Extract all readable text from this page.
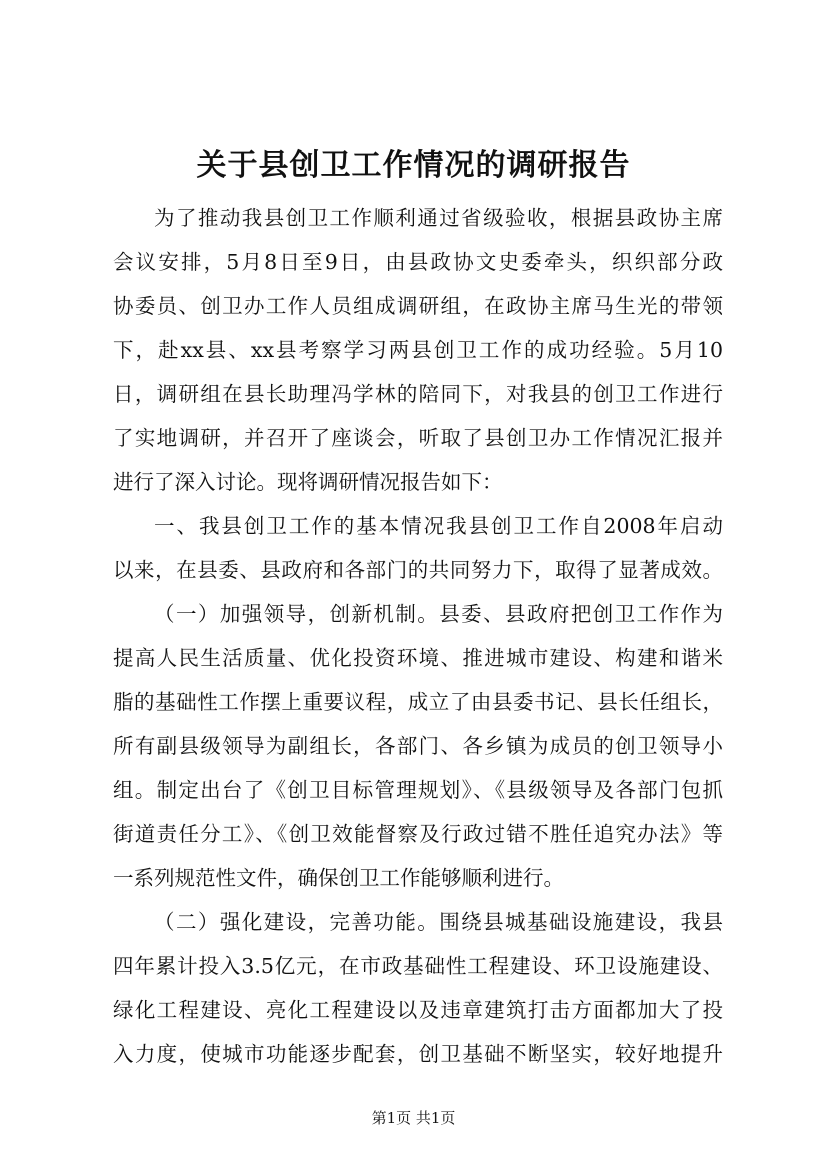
关于县创卫工作情况的调研报告
为了推动我县创卫工作顺利通过省级验收，根据县政协主席
会议安排，5月8日至9日，由县政协文史委牵头，织织部分政
协委员、创卫办工作人员组成调研组，在政协主席马生光的带领
下，赴xx县、xx县考察学习两县创卫工作的成功经验。5月10
日，调研组在县长助理冯学林的陪同下，对我县的创卫工作进行
了实地调研，并召开了座谈会，听取了县创卫办工作情况汇报并
进行了深入讨论。现将调研情况报告如下：
一、我县创卫工作的基本情况我县创卫工作自2008年启动
以来，在县委、县政府和各部门的共同努力下，取得了显著成效。
（一）加强领导，创新机制。县委、县政府把创卫工作作为
提高人民生活质量、优化投资环境、推进城市建设、构建和谐米
脂的基础性工作摆上重要议程，成立了由县委书记、县长任组长，
所有副县级领导为副组长，各部门、各乡镇为成员的创卫领导小
组。制定出台了《创卫目标管理规划》、《县级领导及各部门包抓
街道责任分工》、《创卫效能督察及行政过错不胜任追究办法》等
一系列规范性文件，确保创卫工作能够顺利进行。
（二）强化建设，完善功能。围绕县城基础设施建设，我县
四年累计投入3.5亿元，在市政基础性工程建设、环卫设施建设、
绿化工程建设、亮化工程建设以及违章建筑打击方面都加大了投
入力度，使城市功能逐步配套，创卫基础不断坚实，较好地提升
第1页 共1页
